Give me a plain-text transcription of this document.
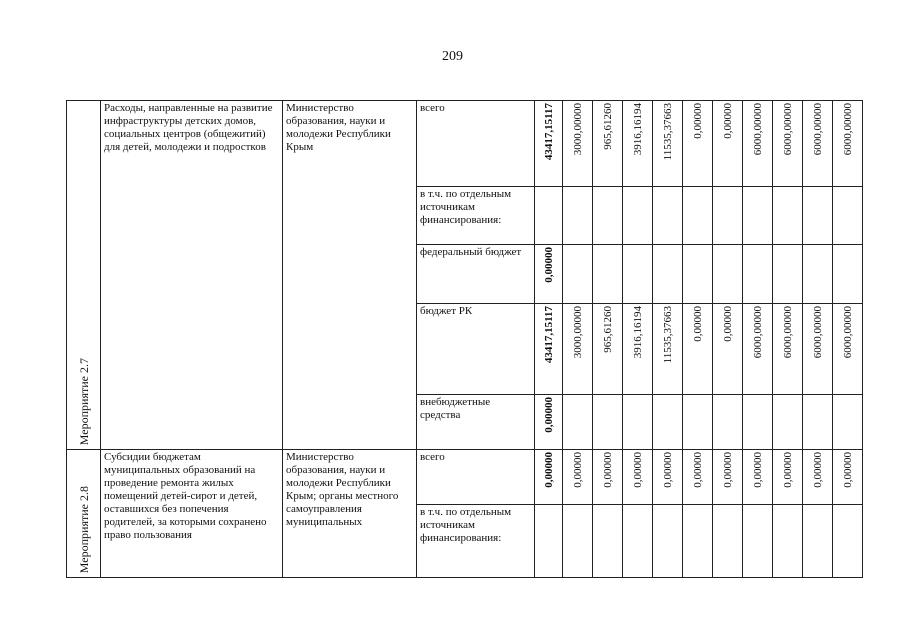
209
Мероприятие 2.7	Расходы, направленные на развитие инфраструктуры детских домов, социальных центров (общежитий) для детей, молодежи и подростков	Министерство образования, науки и молодежи Республики Крым	всего	43417,15117	3000,00000	965,61260	3916,16194	11535,37663	0,00000	0,00000	6000,00000	6000,00000	6000,00000	6000,00000

			в т.ч. по отдельным источникам финансирования:											

			федеральный бюджет	0,00000										

			бюджет РК	43417,15117	3000,00000	965,61260	3916,16194	11535,37663	0,00000	0,00000	6000,00000	6000,00000	6000,00000	6000,00000

			внебюджетные средства	0,00000										

Мероприятие 2.8	Субсидии бюджетам муниципальных образований на проведение ремонта жилых помещений детей-сирот и детей, оставшихся без попечения родителей, за которыми сохранено право пользования	Министерство образования, науки и молодежи Республики Крым; органы местного самоуправления муниципальных	всего	0,00000	0,00000	0,00000	0,00000	0,00000	0,00000	0,00000	0,00000	0,00000	0,00000	0,00000

			в т.ч. по отдельным источникам финансирования:											
